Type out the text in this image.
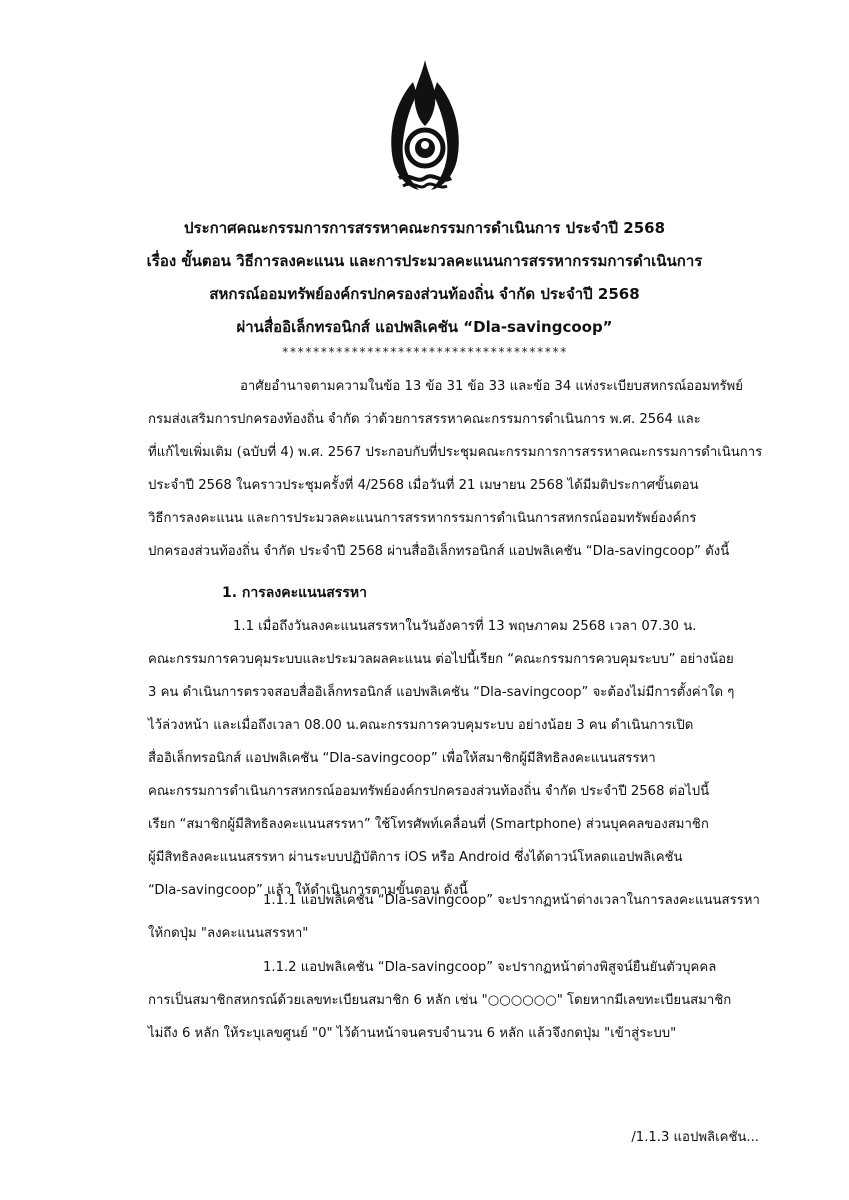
ประกาศคณะกรรมการการสรรหาคณะกรรมการดำเนินการ ประจำปี 2568
เรื่อง ขั้นตอน วิธีการลงคะแนน และการประมวลคะแนนการสรรหากรรมการดำเนินการ
สหกรณ์ออมทรัพย์องค์กรปกครองส่วนท้องถิ่น จำกัด ประจำปี 2568
ผ่านสื่ออิเล็กทรอนิกส์ แอปพลิเคชัน “Dla-savingcoop”
*************************************
อาศัยอำนาจตามความในข้อ 13 ข้อ 31 ข้อ 33 และข้อ 34 แห่งระเบียบสหกรณ์ออมทรัพย์
กรมส่งเสริมการปกครองท้องถิ่น จำกัด ว่าด้วยการสรรหาคณะกรรมการดำเนินการ พ.ศ. 2564 และ
ที่แก้ไขเพิ่มเติม (ฉบับที่ 4) พ.ศ. 2567 ประกอบกับที่ประชุมคณะกรรมการการสรรหาคณะกรรมการดำเนินการ
ประจำปี 2568 ในคราวประชุมครั้งที่ 4/2568 เมื่อวันที่ 21 เมษายน 2568 ได้มีมติประกาศขั้นตอน
วิธีการลงคะแนน และการประมวลคะแนนการสรรหากรรมการดำเนินการสหกรณ์ออมทรัพย์องค์กร
ปกครองส่วนท้องถิ่น จำกัด ประจำปี 2568 ผ่านสื่ออิเล็กทรอนิกส์ แอปพลิเคชัน “Dla-savingcoop” ดังนี้
1. การลงคะแนนสรรหา
1.1 เมื่อถึงวันลงคะแนนสรรหาในวันอังคารที่ 13 พฤษภาคม 2568 เวลา 07.30 น.
คณะกรรมการควบคุมระบบและประมวลผลคะแนน ต่อไปนี้เรียก “คณะกรรมการควบคุมระบบ” อย่างน้อย
3 คน ดำเนินการตรวจสอบสื่ออิเล็กทรอนิกส์ แอปพลิเคชัน “Dla-savingcoop” จะต้องไม่มีการตั้งค่าใด ๆ
ไว้ล่วงหน้า และเมื่อถึงเวลา 08.00 น.คณะกรรมการควบคุมระบบ อย่างน้อย 3 คน ดำเนินการเปิด
สื่ออิเล็กทรอนิกส์ แอปพลิเคชัน “Dla-savingcoop” เพื่อให้สมาชิกผู้มีสิทธิลงคะแนนสรรหา
คณะกรรมการดำเนินการสหกรณ์ออมทรัพย์องค์กรปกครองส่วนท้องถิ่น จำกัด ประจำปี 2568 ต่อไปนี้
เรียก “สมาชิกผู้มีสิทธิลงคะแนนสรรหา” ใช้โทรศัพท์เคลื่อนที่ (Smartphone) ส่วนบุคคลของสมาชิก
ผู้มีสิทธิลงคะแนนสรรหา ผ่านระบบปฏิบัติการ iOS หรือ Android ซึ่งได้ดาวน์โหลดแอปพลิเคชัน
“Dla-savingcoop” แล้ว ให้ดำเนินการตามขั้นตอน ดังนี้
1.1.1 แอปพลิเคชัน “Dla-savingcoop” จะปรากฏหน้าต่างเวลาในการลงคะแนนสรรหา
ให้กดปุ่ม "ลงคะแนนสรรหา"
1.1.2 แอปพลิเคชัน “Dla-savingcoop” จะปรากฏหน้าต่างพิสูจน์ยืนยันตัวบุคคล
การเป็นสมาชิกสหกรณ์ด้วยเลขทะเบียนสมาชิก 6 หลัก เช่น "○○○○○○" โดยหากมีเลขทะเบียนสมาชิก
ไม่ถึง 6 หลัก ให้ระบุเลขศูนย์ "0" ไว้ด้านหน้าจนครบจำนวน 6 หลัก แล้วจึงกดปุ่ม "เข้าสู่ระบบ"
/1.1.3 แอปพลิเคชัน...
